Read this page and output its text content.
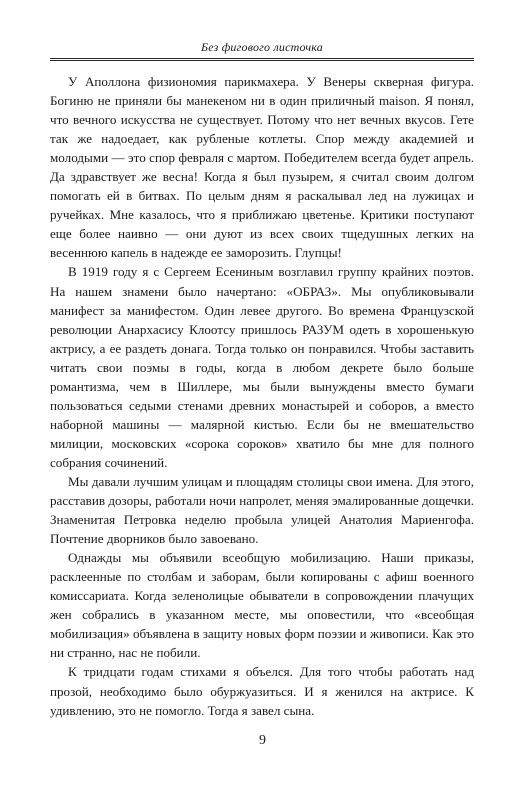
Без фигового листочка

У Аполлона физиономия парикмахера. У Венеры скверная фигура. Богиню не приняли бы манекеном ни в один приличный maison. Я понял, что вечного искусства не существует. Потому что нет вечных вкусов. Гете так же надоедает, как рубленые котлеты. Спор между академией и молодыми — это спор февраля с мартом. Победителем всегда будет апрель. Да здравствует же весна! Когда я был пузырем, я считал своим долгом помогать ей в битвах. По целым дням я раскалывал лед на лужицах и ручейках. Мне казалось, что я приближаю цветенье. Критики поступают еще более наивно — они дуют из всех своих тщедушных легких на весеннюю капель в надежде ее заморозить. Глупцы!

В 1919 году я с Сергеем Есениным возглавил группу крайних поэтов. На нашем знамени было начертано: «ОБРАЗ». Мы опубликовывали манифест за манифестом. Один левее другого. Во времена Французской революции Анархасису Клоотсу пришлось РАЗУМ одеть в хорошенькую актрису, а ее раздеть донага. Тогда только он понравился. Чтобы заставить читать свои поэмы в годы, когда в любом декрете было больше романтизма, чем в Шиллере, мы были вынуждены вместо бумаги пользоваться седыми стенами древних монастырей и соборов, а вместо наборной машины — малярной кистью. Если бы не вмешательство милиции, московских «сорока сороков» хватило бы мне для полного собрания сочинений.

Мы давали лучшим улицам и площадям столицы свои имена. Для этого, расставив дозоры, работали ночи напролет, меняя эмалированные дощечки. Знаменитая Петровка неделю пробыла улицей Анатолия Мариенгофа. Почтение дворников было завоевано.

Однажды мы объявили всеобщую мобилизацию. Наши приказы, расклеенные по столбам и заборам, были копированы с афиш военного комиссариата. Когда зеленолицые обыватели в сопровождении плачущих жен собрались в указанном месте, мы оповестили, что «всеобщая мобилизация» объявлена в защиту новых форм поэзии и живописи. Как это ни странно, нас не побили.

К тридцати годам стихами я объелся. Для того чтобы работать над прозой, необходимо было обуржуазиться. И я женился на актрисе. К удивлению, это не помогло. Тогда я завел сына.

9
